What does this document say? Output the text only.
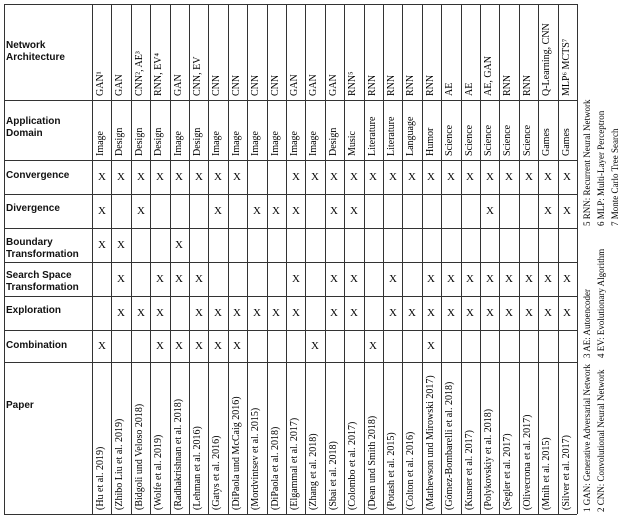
Network Architecture
Application Domain
Convergence
Divergence
Boundary Transformation
Search Space Transformation
Exploration
Combination
Paper
GAN¹
Image
(Hu et al. 2019)
X
X
X
X
GAN
Design
(Zhibo Liu et al. 2019)
X
X
X
X
CNN², AE³
Design
(Bidgoli und Veloso 2018)
X
X
X
RNN, EV⁴
Design
(Wolfe et al. 2019)
X
X
X
X
GAN
Image
(Radhakrishnan et al. 2018)
X
X
X
X
CNN, EV
Design
(Lehman et al. 2016)
X
X
X
X
CNN
Image
(Gatys et al. 2016)
X
X
X
X
CNN
Image
(DiPaola und McCaig 2016)
X
X
X
CNN
Image
(Mordvintsev et al. 2015)
X
X
CNN
Image
(DiPaola et al. 2018)
X
X
GAN
Image
(Elgammal et al. 2017)
X
X
X
X
GAN
Image
(Zhang et al. 2018)
X
X
GAN
Design
(Sbai et al. 2018)
X
X
X
X
RNN⁵
Music
(Colombo et al. 2017)
X
X
X
X
RNN
Literature
(Dean und Smith 2018)
X
X
RNN
Literature
(Potash et al. 2015)
X
X
X
RNN
Language
(Colton et al. 2016)
X
X
RNN
Humor
(Mathewson und Mirowski 2017)
X
X
X
X
AE
Science
(Gómez-Bombarelli et al. 2018)
X
X
X
AE
Science
(Kusner et al. 2017)
X
X
X
AE, GAN
Science
(Polykovskiy et al. 2018)
X
X
X
X
RNN
Science
(Segler et al. 2017)
X
X
X
RNN
Science
(Olivecrona et al. 2017)
X
X
X
Q-Learning, CNN
Games
(Mnih et al. 2015)
X
X
X
X
MLP⁶ MCTS⁷
Games
(Silver et al. 2017)
X
X
X
X
1 GAN: Generative Adversarial Network
3 AE: Autoencoder
5 RNN: Recurrent Neural Network
2 CNN: Convolutional Neural Network
4 EV: Evolutionary Algorithm
6 MLP: Multi-Layer Perceptron 7 Monte Carlo Tree Search
